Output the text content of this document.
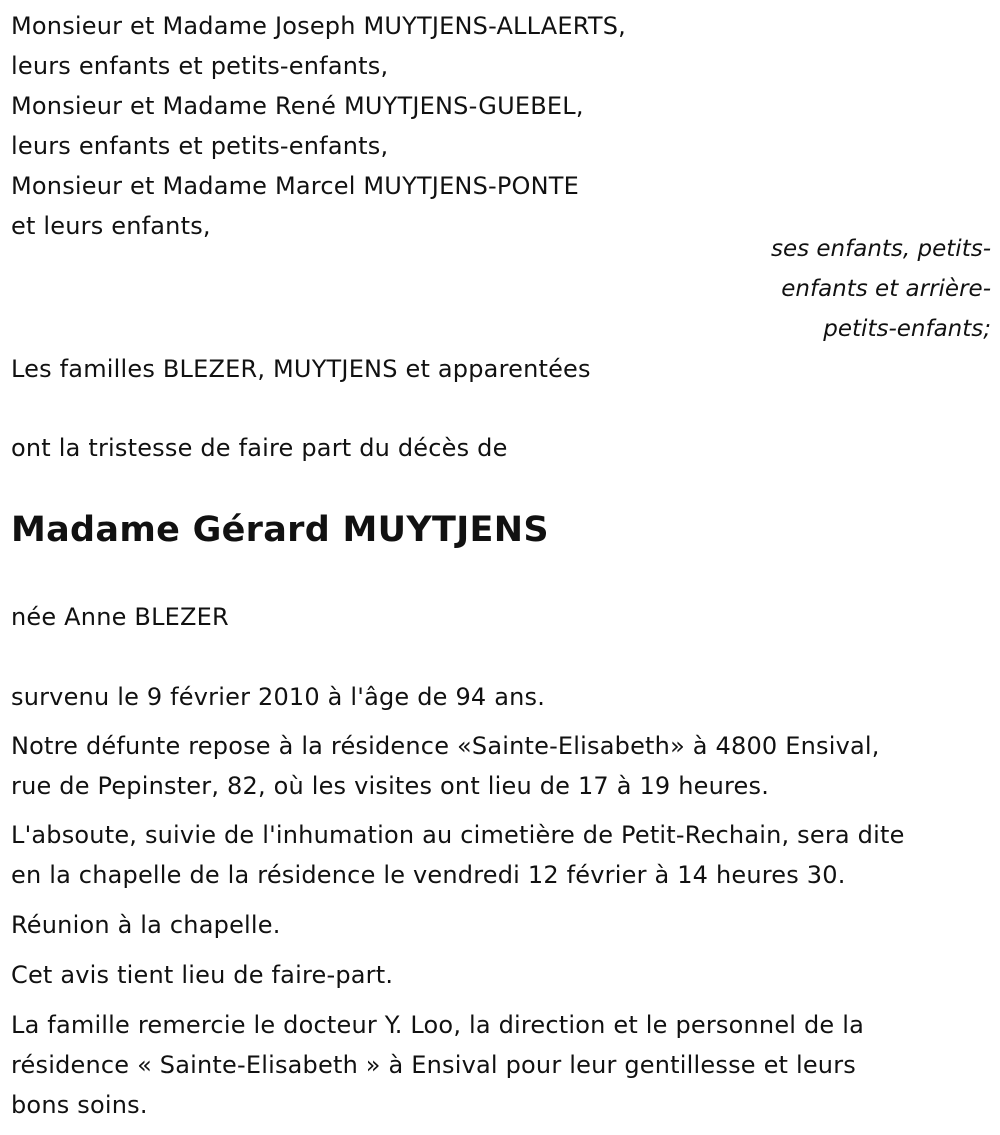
Monsieur et Madame Joseph MUYTJENS-ALLAERTS,
leurs enfants et petits-enfants,
Monsieur et Madame René MUYTJENS-GUEBEL,
leurs enfants et petits-enfants,
Monsieur et Madame Marcel MUYTJENS-PONTE
et leurs enfants,
ses enfants, petits-
enfants et arrière-
petits-enfants;
Les familles BLEZER, MUYTJENS et apparentées
ont la tristesse de faire part du décès de
Madame Gérard MUYTJENS
née Anne BLEZER
survenu le 9 février 2010 à l'âge de 94 ans.
Notre défunte repose à la résidence «Sainte-Elisabeth» à 4800 Ensival,
rue de Pepinster, 82, où les visites ont lieu de 17 à 19 heures.
L'absoute, suivie de l'inhumation au cimetière de Petit-Rechain, sera dite
en la chapelle de la résidence le vendredi 12 février à 14 heures 30.
Réunion à la chapelle.
Cet avis tient lieu de faire-part.
La famille remercie le docteur Y. Loo, la direction et le personnel de la
résidence « Sainte-Elisabeth » à Ensival pour leur gentillesse et leurs
bons soins.
